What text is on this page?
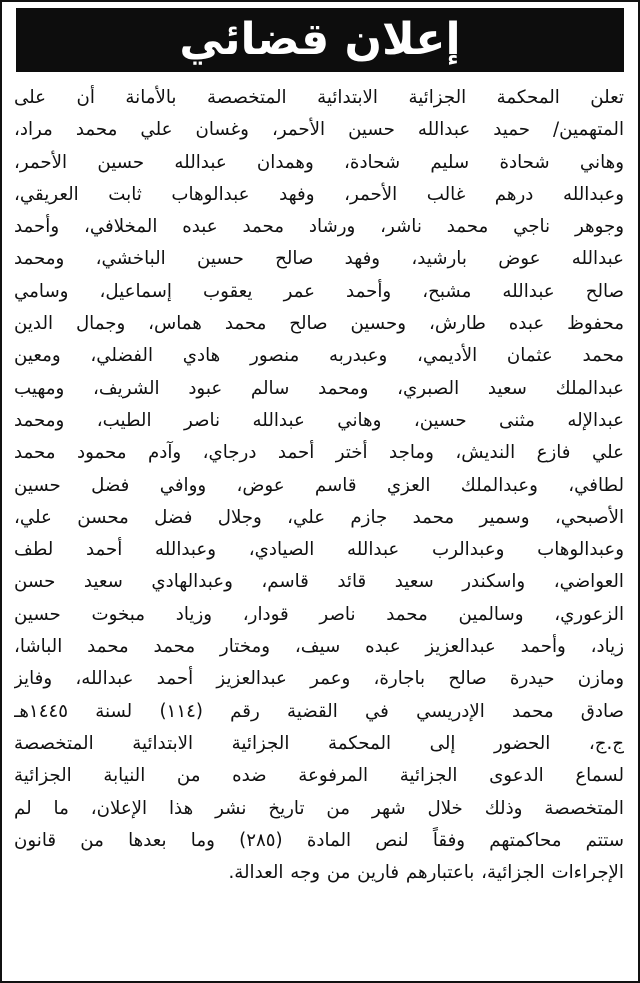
إعلان قضائي
تعلن المحكمة الجزائية الابتدائية المتخصصة بالأمانة أن على
المتهمين/ حميد عبدالله حسين الأحمر، وغسان علي محمد مراد،
وهاني شحادة سليم شحادة، وهمدان عبدالله حسين الأحمر،
وعبدالله درهم غالب الأحمر، وفهد عبدالوهاب ثابت العريقي،
وجوهر ناجي محمد ناشر، ورشاد محمد عبده المخلافي، وأحمد
عبدالله عوض بارشيد، وفهد صالح حسين الباخشي، ومحمد
صالح عبدالله مشبح، وأحمد عمر يعقوب إسماعيل، وسامي
محفوظ عبده طارش، وحسين صالح محمد هماس، وجمال الدين
محمد عثمان الأديمي، وعبدربه منصور هادي الفضلي، ومعين
عبدالملك سعيد الصبري، ومحمد سالم عبود الشريف، ومهيب
عبدالإله مثنى حسين، وهاني عبدالله ناصر الطيب، ومحمد
علي فازع النديش، وماجد أختر أحمد درجاي، وآدم محمود محمد
لطافي، وعبدالملك العزي قاسم عوض، ووافي فضل حسين
الأصبحي، وسمير محمد جازم علي، وجلال فضل محسن علي،
وعبدالوهاب وعبدالرب عبدالله الصيادي، وعبدالله أحمد لطف
العواضي، واسكندر سعيد قائد قاسم، وعبدالهادي سعيد حسن
الزعوري، وسالمين محمد ناصر قودار، وزياد مبخوت حسين
زياد، وأحمد عبدالعزيز عبده سيف، ومختار محمد محمد الباشا،
ومازن حيدرة صالح باجارة، وعمر عبدالعزيز أحمد عبدالله، وفايز
صادق محمد الإدريسي في القضية رقم (١١٤) لسنة ١٤٤٥هـ
ج.ج، الحضور إلى المحكمة الجزائية الابتدائية المتخصصة
لسماع الدعوى الجزائية المرفوعة ضده من النيابة الجزائية
المتخصصة وذلك خلال شهر من تاريخ نشر هذا الإعلان، ما لم
ستتم محاكمتهم وفقاً لنص المادة (٢٨٥) وما بعدها من قانون
الإجراءات الجزائية، باعتبارهم فارين من وجه العدالة.
